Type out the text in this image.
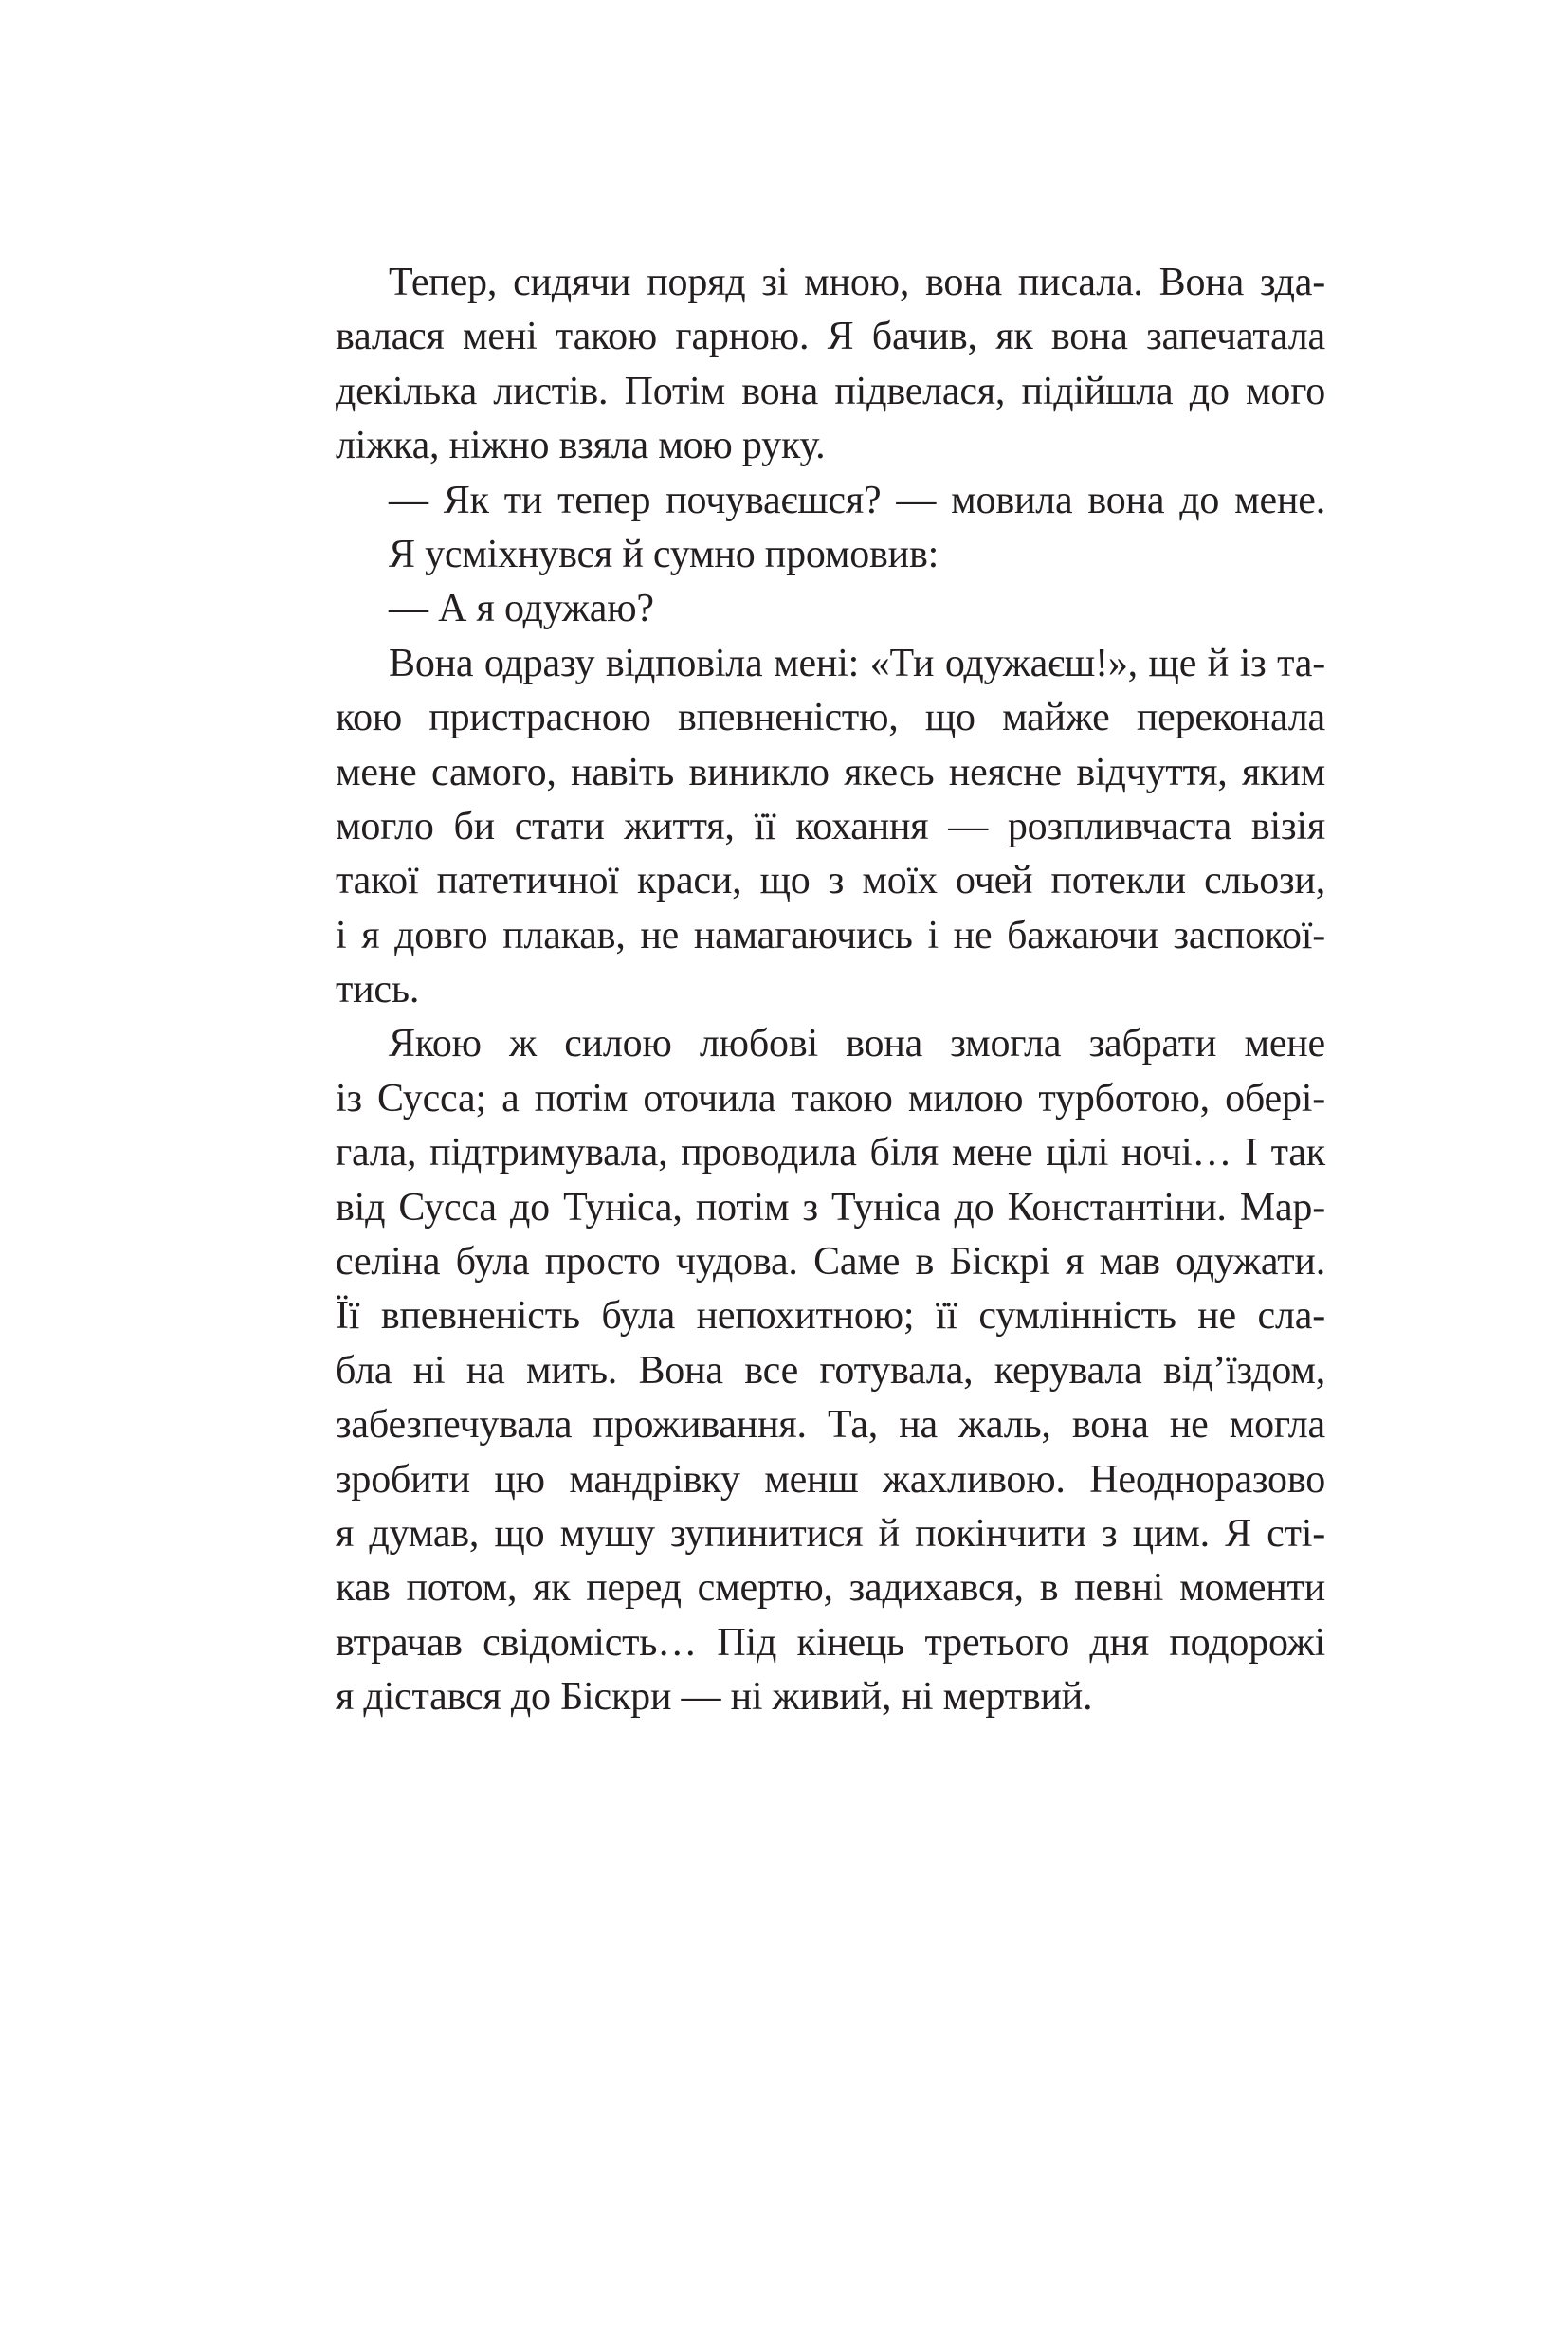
Тепер, сидячи поряд зі мною, вона писала. Вона зда-
валася мені такою гарною. Я бачив, як вона запечатала
декілька листів. Потім вона підвелася, підійшла до мого
ліжка, ніжно взяла мою руку.
— Як ти тепер почуваєшся? — мовила вона до мене.
Я усміхнувся й сумно промовив:
— А я одужаю?
Вона одразу відповіла мені: «Ти одужаєш!», ще й із та-
кою пристрасною впевненістю, що майже переконала
мене самого, навіть виникло якесь неясне відчуття, яким
могло би стати життя, її кохання — розпливчаста візія
такої патетичної краси, що з моїх очей потекли сльози,
і я довго плакав, не намагаючись і не бажаючи заспокої-
тись.
Якою ж силою любові вона змогла забрати мене
із Сусса; а потім оточила такою милою турботою, обері-
гала, підтримувала, проводила біля мене цілі ночі… І так
від Сусса до Туніса, потім з Туніса до Константіни. Мар-
селіна була просто чудова. Саме в Біскрі я мав одужати.
Її впевненість була непохитною; її сумлінність не сла-
бла ні на мить. Вона все готувала, керувала від’їздом,
забезпечувала проживання. Та, на жаль, вона не могла
зробити цю мандрівку менш жахливою. Неодноразово
я думав, що мушу зупинитися й покінчити з цим. Я сті-
кав потом, як перед смертю, задихався, в певні моменти
втрачав свідомість… Під кінець третього дня подорожі
я дістався до Біскри — ні живий, ні мертвий.
